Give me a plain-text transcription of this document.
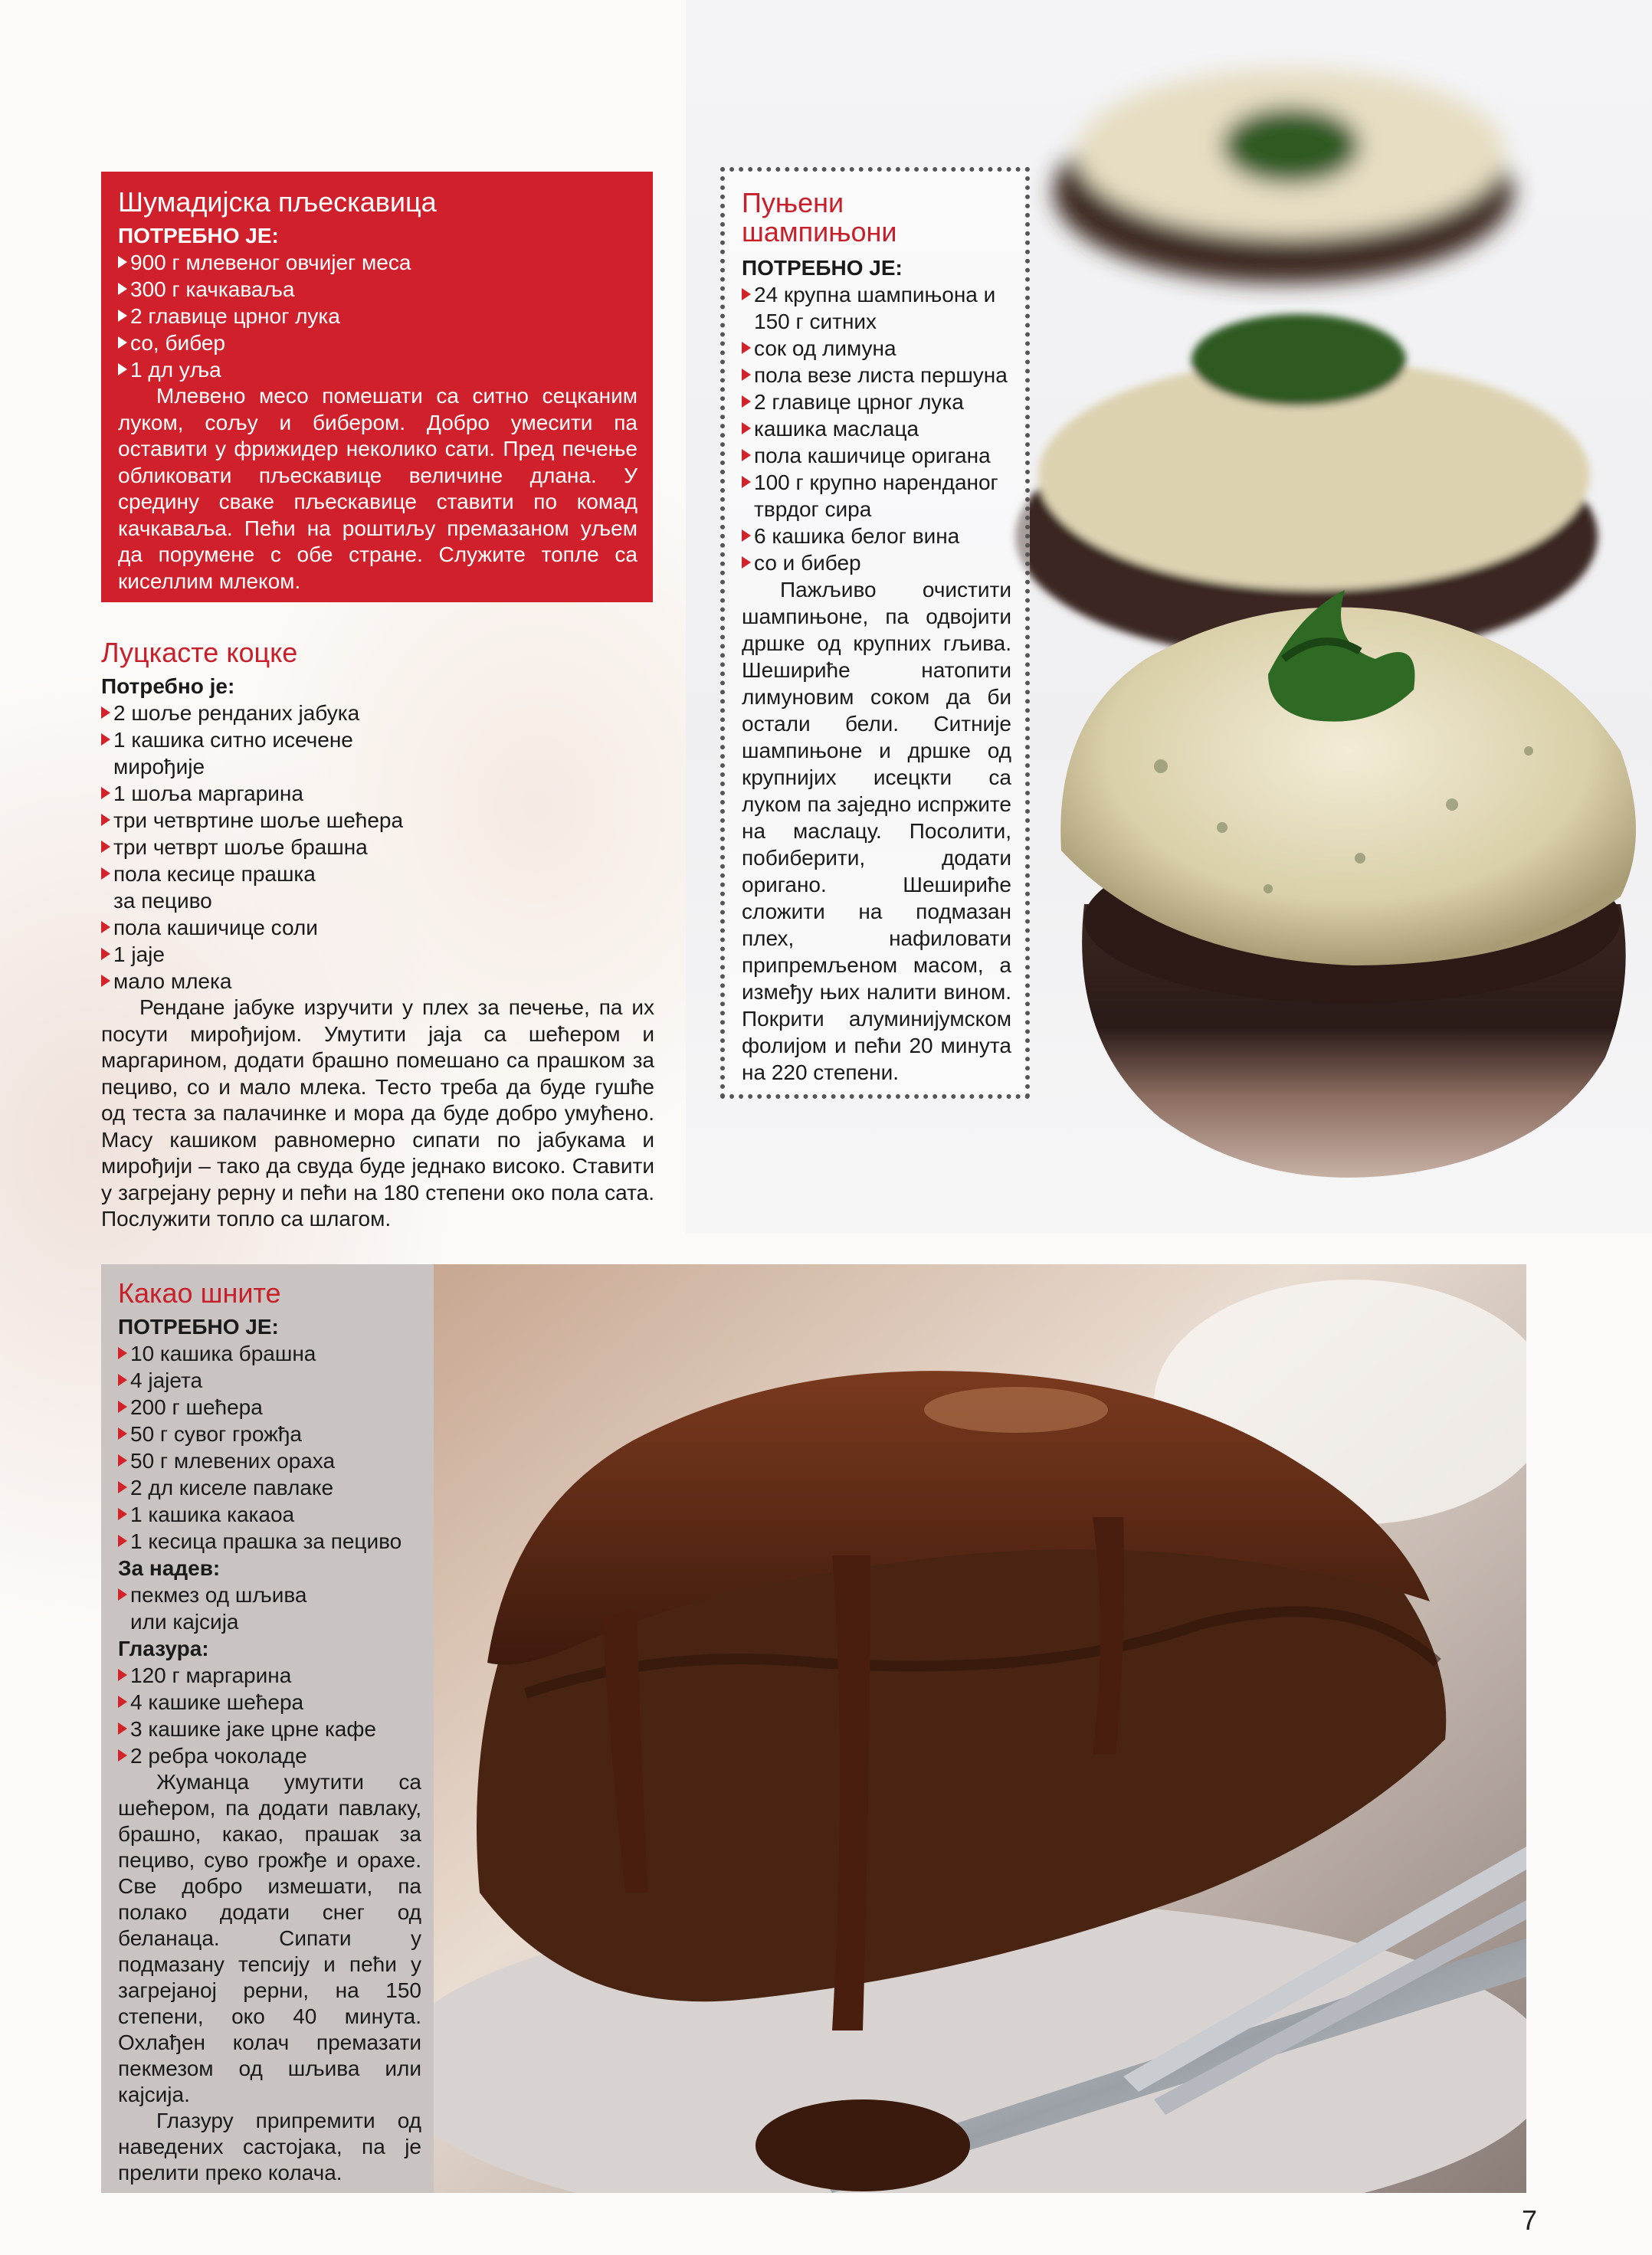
Шумадијска пљескавица
ПОТРЕБНО ЈЕ:
900 г млевеног овчијег меса
300 г качкаваља
2 главице црног лука
со, бибер
1 дл уља

Млевено месо помешати са ситно сецканим луком, сољу и бибером. Добро умесити па оставити у фрижидер неколико сати. Пред печење обликовати пљескавице величине длана. У средину сваке пљескавице ставити по комад качкаваља. Пећи на роштиљу премазаном уљем да порумене с обе стране. Служите топле са киселлим млеком.

Луцкасте коцке
Потребно је:
2 шоље ренданих јабука
1 кашика ситно исечене мирођије
1 шоља маргарина
три четвртине шоље шећера
три четврт шоље брашна
пола кесице прашка за пециво
пола кашичице соли
1 јаје
мало млека

Рендане јабуке изручити у плех за печење, па их посути мирођијом. Умутити јаја са шећером и маргарином, додати брашно помешано са прашком за пециво, со и мало млека. Тесто треба да буде гушће од теста за палачинке и мора да буде добро умућено. Масу кашиком равномерно сипати по јабукама и мирођији – тако да свуда буде једнако високо. Ставити у загрејану рерну и пећи на 180 степени око пола сата. Послужити топло са шлагом.

Пуњени
шампињони
ПОТРЕБНО ЈЕ:
24 крупна шампињона и 150 г ситних
сок од лимуна
пола везе листа першуна
2 главице црног лука
кашика маслаца
пола кашичице оригана
100 г крупно наренданог тврдог сира
6 кашика белог вина
со и бибер

Пажљиво очистити шампињоне, па одвојити дршке од крупних гљива. Шешириће натопити лимуновим соком да би остали бели. Ситније шампињоне и дршке од крупнијих исецкти са луком па заједно испржите на маслацу. Посолити, побиберити, додати оригано. Шешириће сложити на подмазан плех, нафиловати припремљеном масом, а између њих налити вином. Покрити алуминијумском фолијом и пећи 20 минута на 220 степени.

Какао шните
ПОТРЕБНО ЈЕ:
10 кашика брашна
4 јајета
200 г шећера
50 г сувог грожђа
50 г млевених ораха
2 дл киселе павлаке
1 кашика какаоа
1 кесица прашка за пециво
За надев:
пекмез од шљива или кајсија
Глазура:
120 г маргарина
4 кашике шећера
3 кашике јаке црне кафе
2 ребра чоколаде

Жуманца умутити са шећером, па додати павлаку, брашно, какао, прашак за пециво, суво грожђе и орахе. Све добро измешати, па полако додати снег од беланаца. Сипати у подмазану тепсију и пећи у загрејаној рерни, на 150 степени, око 40 минута. Охлађен колач премазати пекмезом од шљива или кајсија.

Глазуру припремити од наведених састојака, па је прелити преко колача.

7
